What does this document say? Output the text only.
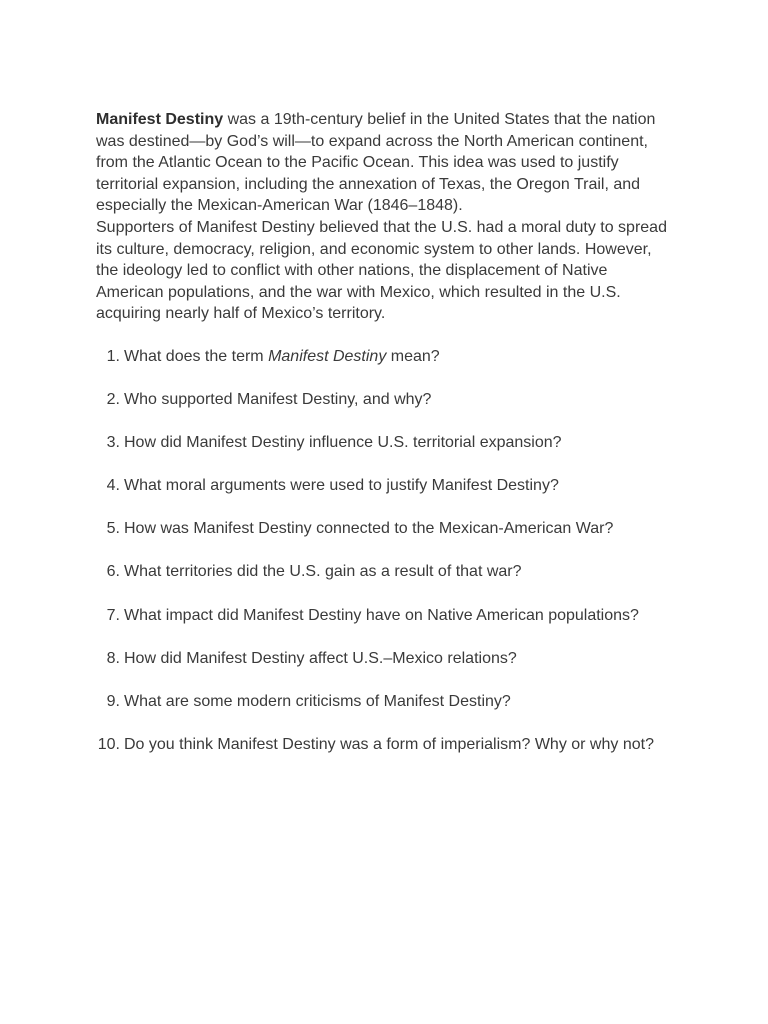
Manifest Destiny was a 19th-century belief in the United States that the nation was destined—by God’s will—to expand across the North American continent, from the Atlantic Ocean to the Pacific Ocean. This idea was used to justify territorial expansion, including the annexation of Texas, the Oregon Trail, and especially the Mexican-American War (1846–1848).
Supporters of Manifest Destiny believed that the U.S. had a moral duty to spread its culture, democracy, religion, and economic system to other lands. However, the ideology led to conflict with other nations, the displacement of Native American populations, and the war with Mexico, which resulted in the U.S. acquiring nearly half of Mexico’s territory.
1. What does the term Manifest Destiny mean?
2. Who supported Manifest Destiny, and why?
3. How did Manifest Destiny influence U.S. territorial expansion?
4. What moral arguments were used to justify Manifest Destiny?
5. How was Manifest Destiny connected to the Mexican-American War?
6. What territories did the U.S. gain as a result of that war?
7. What impact did Manifest Destiny have on Native American populations?
8. How did Manifest Destiny affect U.S.–Mexico relations?
9. What are some modern criticisms of Manifest Destiny?
10. Do you think Manifest Destiny was a form of imperialism? Why or why not?
